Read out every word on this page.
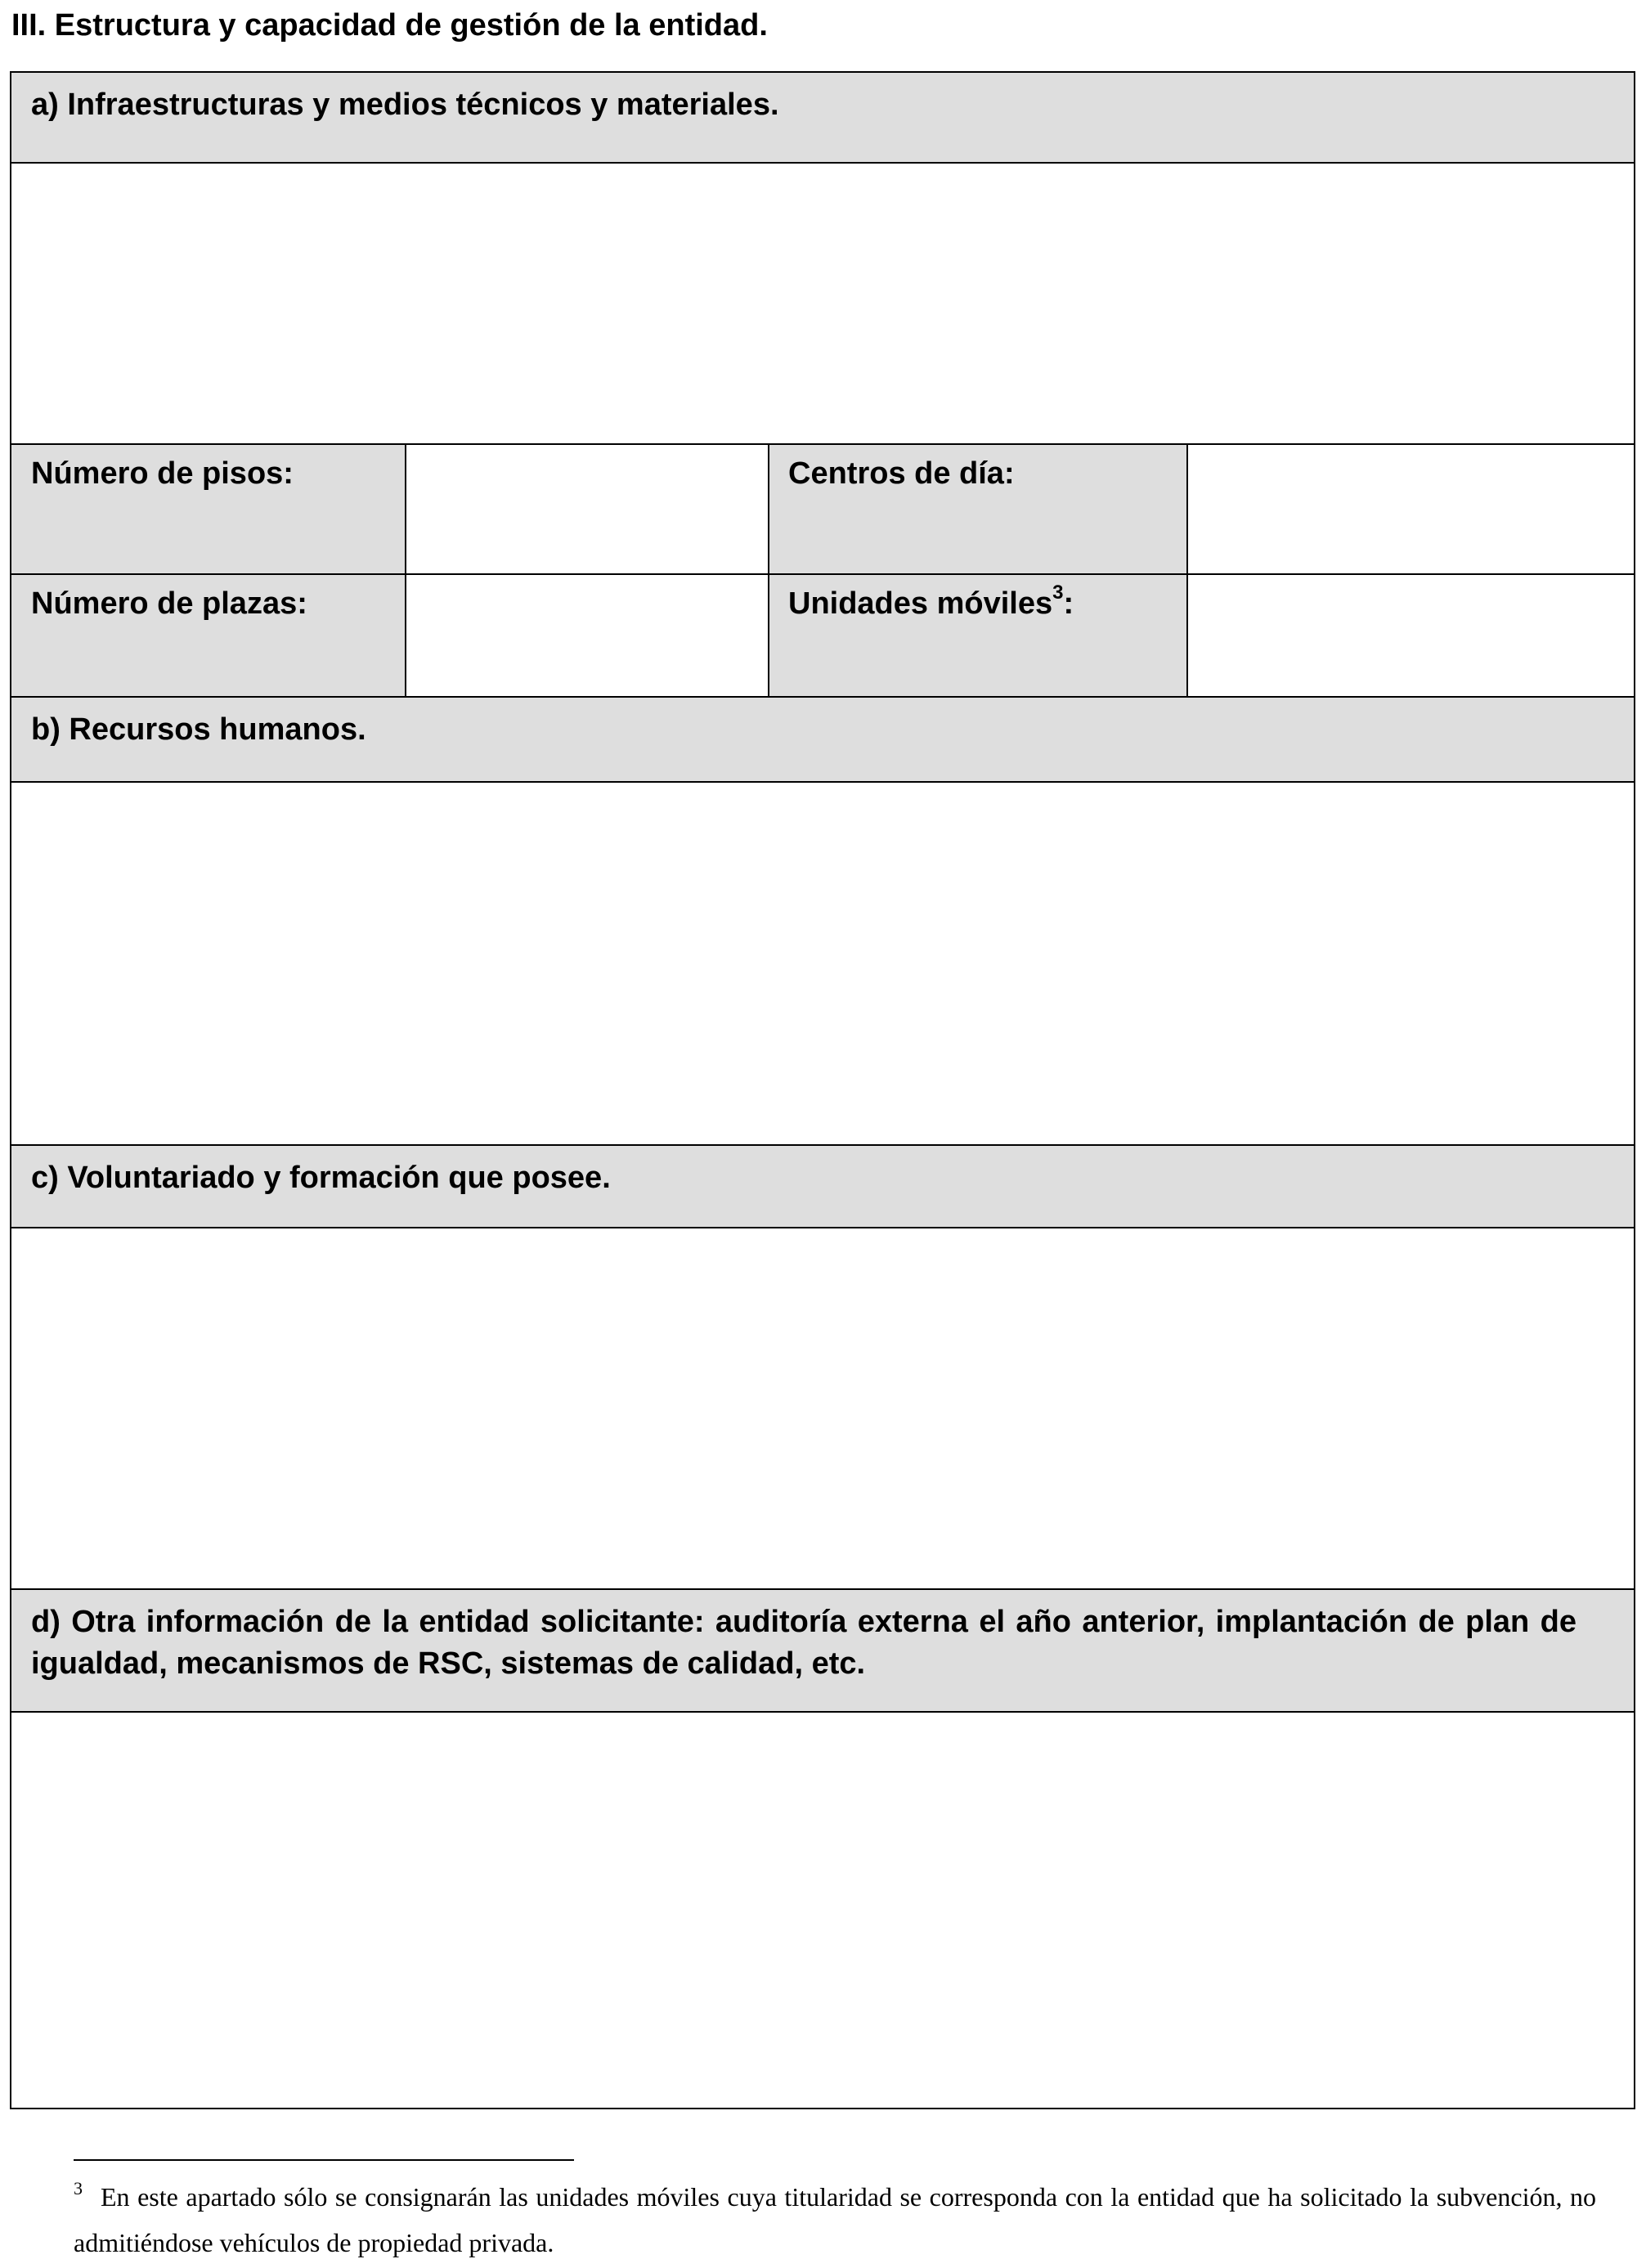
III. Estructura y capacidad de gestión de la entidad.
a) Infraestructuras y medios técnicos y materiales.
Número de pisos:	Centros de día:
Número de plazas:	Unidades móviles$^3$:
b) Recursos humanos.
c) Voluntariado y formación que posee.
d) Otra información de la entidad solicitante: auditoría externa el año anterior, implantación de plan de igualdad, mecanismos de RSC, sistemas de calidad, etc.
$^3$ En este apartado sólo se consignarán las unidades móviles cuya titularidad se corresponda con la entidad que ha solicitado la subvención, no admitiéndose vehículos de propiedad privada.
